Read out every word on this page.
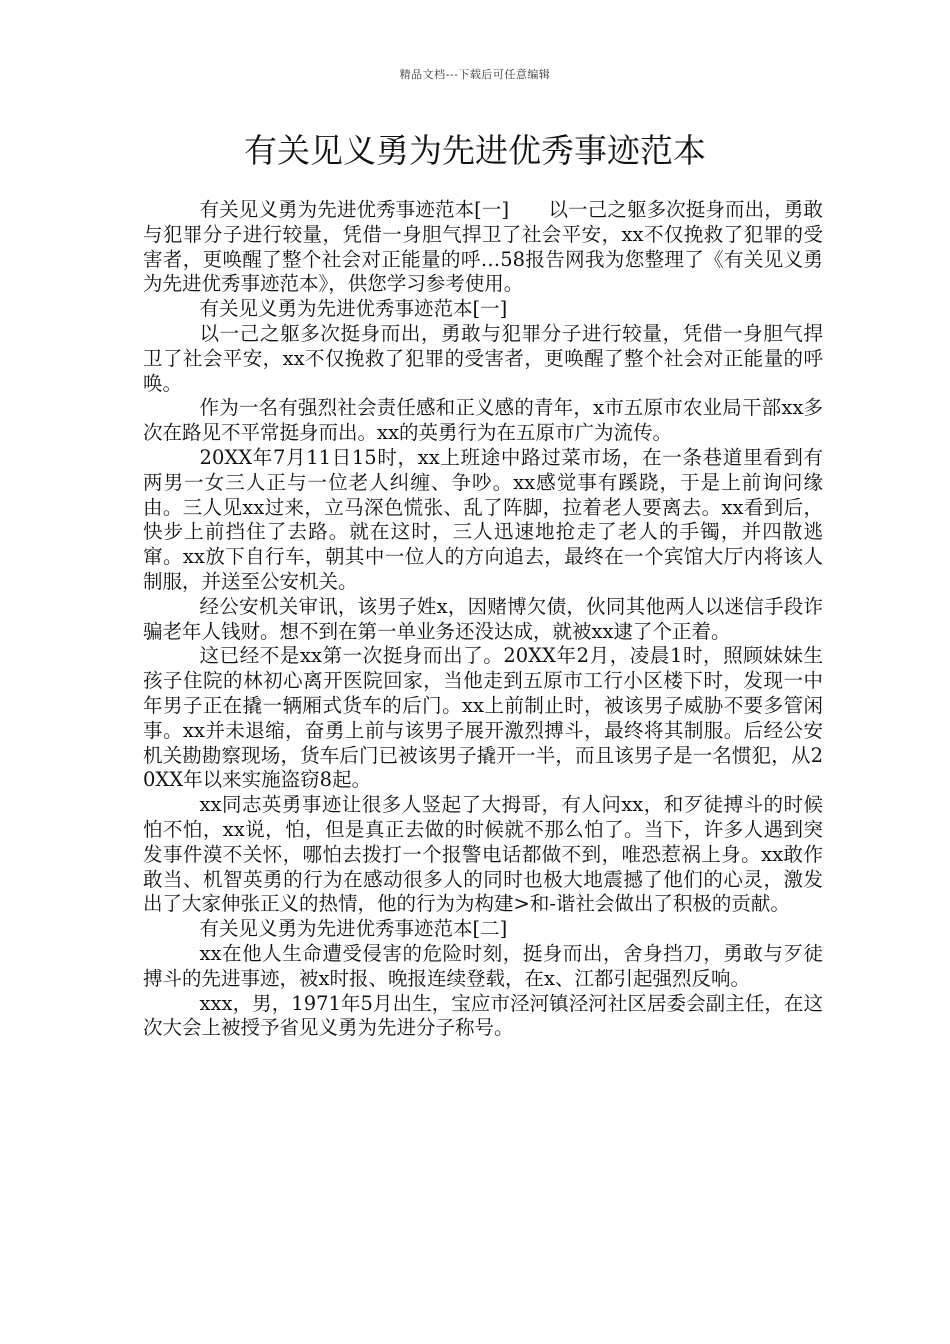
精品文档---下载后可任意编辑
有关见义勇为先进优秀事迹范本

有关见义勇为先进优秀事迹范本[一]　　以一己之躯多次挺身而出，勇敢与犯罪分子进行较量，凭借一身胆气捍卫了社会平安，xx不仅挽救了犯罪的受害者，更唤醒了整个社会对正能量的呼…58报告网我为您整理了《有关见义勇为先进优秀事迹范本》，供您学习参考使用。

有关见义勇为先进优秀事迹范本[一]

以一己之躯多次挺身而出，勇敢与犯罪分子进行较量，凭借一身胆气捍卫了社会平安，xx不仅挽救了犯罪的受害者，更唤醒了整个社会对正能量的呼唤。

作为一名有强烈社会责任感和正义感的青年，x市五原市农业局干部xx多次在路见不平常挺身而出。xx的英勇行为在五原市广为流传。

20XX年7月11日15时，xx上班途中路过菜市场，在一条巷道里看到有两男一女三人正与一位老人纠缠、争吵。xx感觉事有蹊跷，于是上前询问缘由。三人见xx过来，立马深色慌张、乱了阵脚，拉着老人要离去。xx看到后，快步上前挡住了去路。就在这时，三人迅速地抢走了老人的手镯，并四散逃窜。xx放下自行车，朝其中一位人的方向追去，最终在一个宾馆大厅内将该人制服，并送至公安机关。

经公安机关审讯，该男子姓x，因赌博欠债，伙同其他两人以迷信手段诈骗老年人钱财。想不到在第一单业务还没达成，就被xx逮了个正着。

这已经不是xx第一次挺身而出了。20XX年2月，凌晨1时，照顾妹妹生孩子住院的林初心离开医院回家，当他走到五原市工行小区楼下时，发现一中年男子正在撬一辆厢式货车的后门。xx上前制止时，被该男子威胁不要多管闲事。xx并未退缩，奋勇上前与该男子展开激烈搏斗，最终将其制服。后经公安机关勘勘察现场，货车后门已被该男子撬开一半，而且该男子是一名惯犯，从20XX年以来实施盗窃8起。

xx同志英勇事迹让很多人竖起了大拇哥，有人问xx，和歹徒搏斗的时候怕不怕，xx说，怕，但是真正去做的时候就不那么怕了。当下，许多人遇到突发事件漠不关怀，哪怕去拨打一个报警电话都做不到，唯恐惹祸上身。xx敢作敢当、机智英勇的行为在感动很多人的同时也极大地震撼了他们的心灵，激发出了大家伸张正义的热情，他的行为为构建>和-谐社会做出了积极的贡献。

有关见义勇为先进优秀事迹范本[二]

xx在他人生命遭受侵害的危险时刻，挺身而出，舍身挡刀，勇敢与歹徒搏斗的先进事迹，被x时报、晚报连续登载，在x、江都引起强烈反响。

xxx，男，1971年5月出生，宝应市泾河镇泾河社区居委会副主任，在这次大会上被授予省见义勇为先进分子称号。
